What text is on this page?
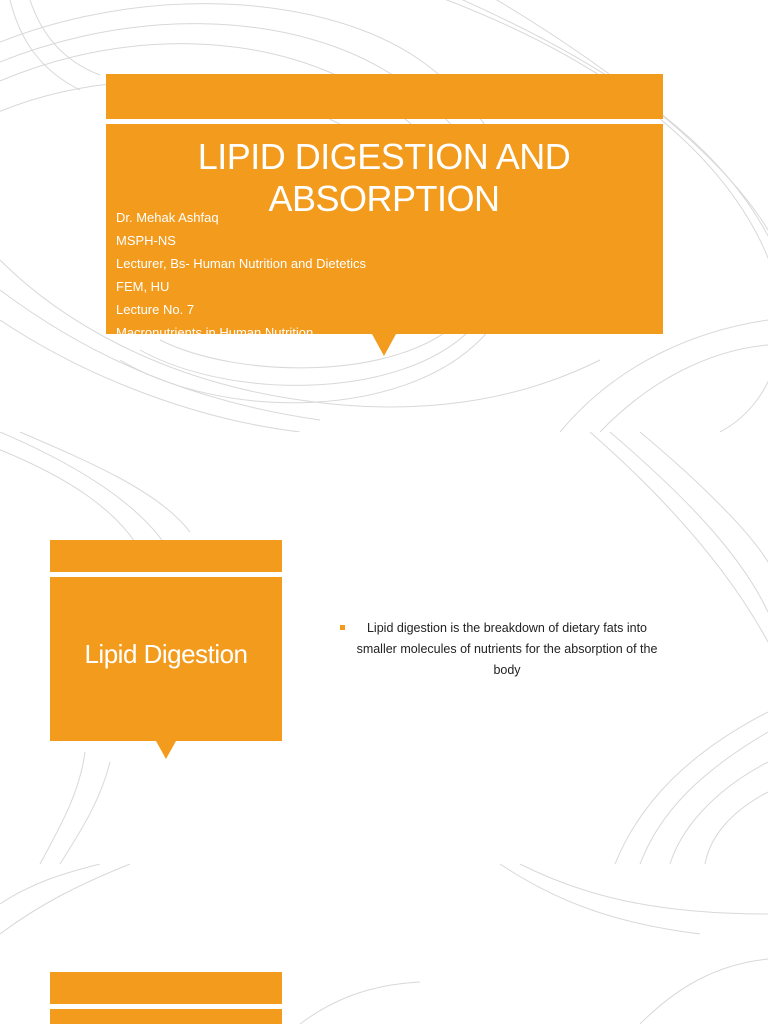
LIPID DIGESTION AND ABSORPTION
Dr. Mehak Ashfaq
MSPH-NS
Lecturer, Bs- Human Nutrition and Dietetics
FEM, HU
Lecture No. 7
Macronutrients in Human Nutrition
Lipid Digestion

Lipid digestion is the breakdown of dietary fats into smaller molecules of nutrients for the absorption of the body
